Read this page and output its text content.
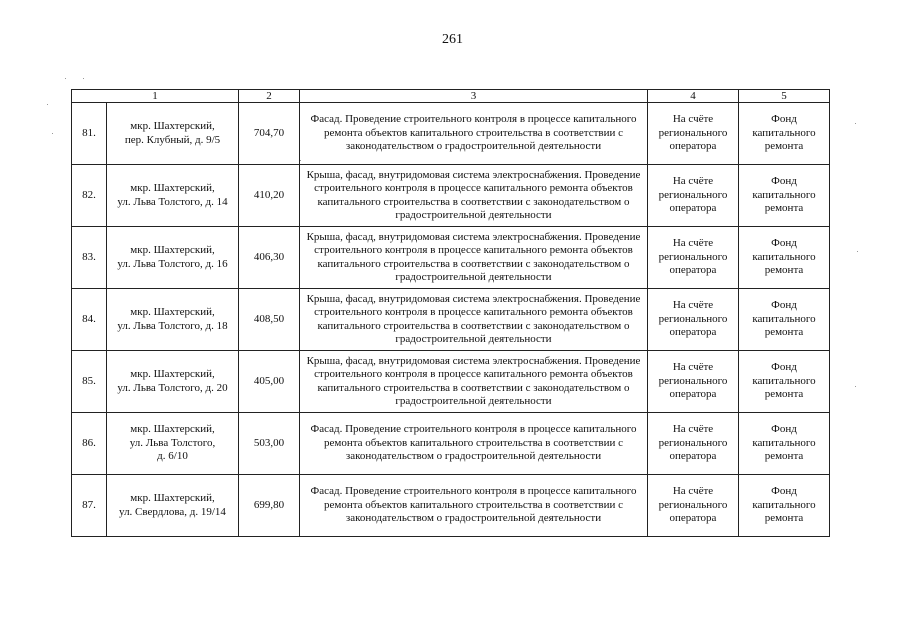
261
1		2	3	4	5
81.	мкр. Шахтерский,
пер. Клубный, д. 9/5	704,70	Фасад. Проведение строительного контроля в процессе капитального ремонта объектов капитального строительства в соответствии с законодательством о градостроительной деятельности	На счёте регионального оператора	Фонд капитального ремонта
82.	мкр. Шахтерский,
ул. Льва Толстого, д. 14	410,20	Крыша, фасад, внутридомовая система электроснабжения. Проведение строительного контроля в процессе капитального ремонта объектов капитального строительства в соответствии с законодательством о градостроительной деятельности	На счёте регионального оператора	Фонд капитального ремонта
83.	мкр. Шахтерский,
ул. Льва Толстого, д. 16	406,30	Крыша, фасад, внутридомовая система электроснабжения. Проведение строительного контроля в процессе капитального ремонта объектов капитального строительства в соответствии с законодательством о градостроительной деятельности	На счёте регионального оператора	Фонд капитального ремонта
84.	мкр. Шахтерский,
ул. Льва Толстого, д. 18	408,50	Крыша, фасад, внутридомовая система электроснабжения. Проведение строительного контроля в процессе капитального ремонта объектов капитального строительства в соответствии с законодательством о градостроительной деятельности	На счёте регионального оператора	Фонд капитального ремонта
85.	мкр. Шахтерский,
ул. Льва Толстого, д. 20	405,00	Крыша, фасад, внутридомовая система электроснабжения. Проведение строительного контроля в процессе капитального ремонта объектов капитального строительства в соответствии с законодательством о градостроительной деятельности	На счёте регионального оператора	Фонд капитального ремонта
86.	мкр. Шахтерский,
ул. Льва Толстого,
д. 6/10	503,00	Фасад. Проведение строительного контроля в процессе капитального ремонта объектов капитального строительства в соответствии с законодательством о градостроительной деятельности	На счёте регионального оператора	Фонд капитального ремонта
87.	мкр. Шахтерский,
ул. Свердлова, д. 19/14	699,80	Фасад. Проведение строительного контроля в процессе капитального ремонта объектов капитального строительства в соответствии с законодательством о градостроительной деятельности	На счёте регионального оператора	Фонд капитального ремонта
